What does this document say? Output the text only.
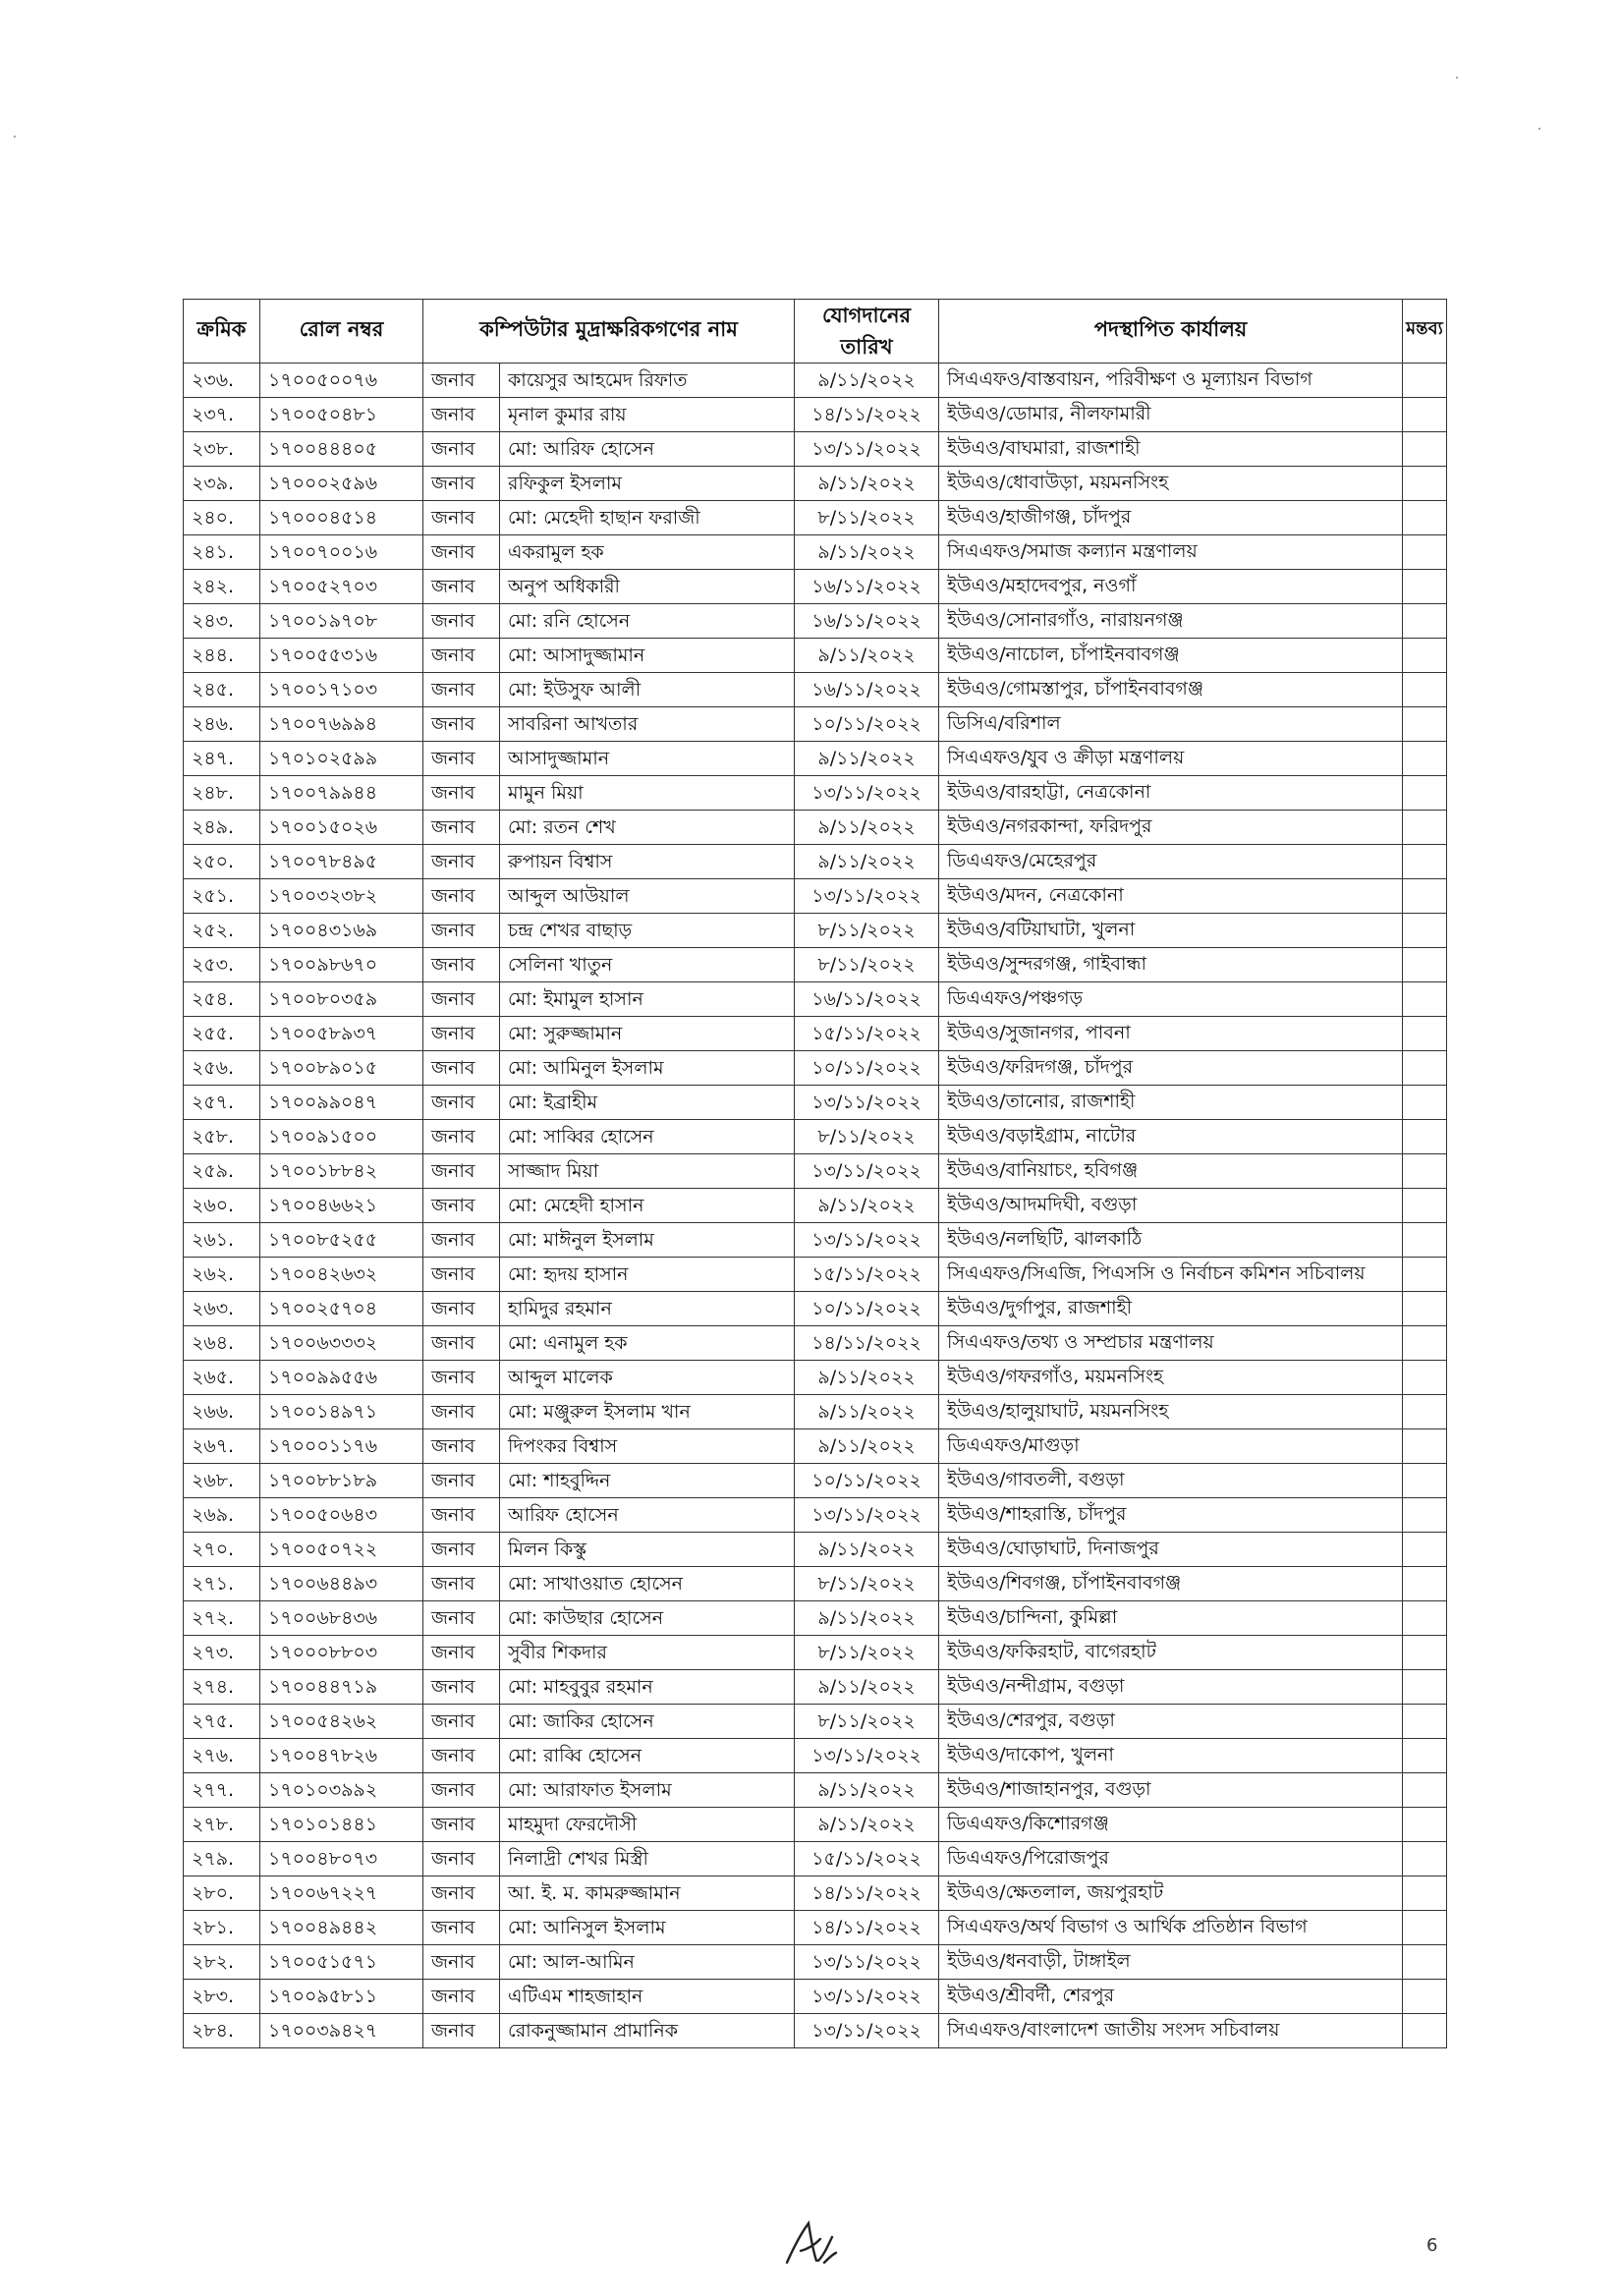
ক্রমিক	রোল নম্বর	কম্পিউটার মুদ্রাক্ষরিকগণের নাম		যোগদানের তারিখ	পদস্থাপিত কার্যালয়	মন্তব্য
২৩৬.	১৭০০৫০০৭৬	জনাব	কায়েসুর আহমেদ রিফাত	৯/১১/২০২২	সিএএফও/বাস্তবায়ন, পরিবীক্ষণ ও মূল্যায়ন বিভাগ	
২৩৭.	১৭০০৫০৪৮১	জনাব	মৃনাল কুমার রায়	১৪/১১/২০২২	ইউএও/ডোমার, নীলফামারী	
২৩৮.	১৭০০৪৪৪০৫	জনাব	মো: আরিফ হোসেন	১৩/১১/২০২২	ইউএও/বাঘমারা, রাজশাহী	
২৩৯.	১৭০০০২৫৯৬	জনাব	রফিকুল ইসলাম	৯/১১/২০২২	ইউএও/ধোবাউড়া, ময়মনসিংহ	
২৪০.	১৭০০০৪৫১৪	জনাব	মো: মেহেদী হাছান ফরাজী	৮/১১/২০২২	ইউএও/হাজীগঞ্জ, চাঁদপুর	
২৪১.	১৭০০৭০০১৬	জনাব	একরামুল হক	৯/১১/২০২২	সিএএফও/সমাজ কল্যান মন্ত্রণালয়	
২৪২.	১৭০০৫২৭০৩	জনাব	অনুপ অধিকারী	১৬/১১/২০২২	ইউএও/মহাদেবপুর, নওগাঁ	
২৪৩.	১৭০০১৯৭০৮	জনাব	মো: রনি হোসেন	১৬/১১/২০২২	ইউএও/সোনারগাঁও, নারায়নগঞ্জ	
২৪৪.	১৭০০৫৫৩১৬	জনাব	মো: আসাদুজ্জামান	৯/১১/২০২২	ইউএও/নাচোল, চাঁপাইনবাবগঞ্জ	
২৪৫.	১৭০০১৭১০৩	জনাব	মো: ইউসুফ আলী	১৬/১১/২০২২	ইউএও/গোমস্তাপুর, চাঁপাইনবাবগঞ্জ	
২৪৬.	১৭০০৭৬৯৯৪	জনাব	সাবরিনা আখতার	১০/১১/২০২২	ডিসিএ/বরিশাল	
২৪৭.	১৭০১০২৫৯৯	জনাব	আসাদুজ্জামান	৯/১১/২০২২	সিএএফও/যুব ও ক্রীড়া মন্ত্রণালয়	
২৪৮.	১৭০০৭৯৯৪৪	জনাব	মামুন মিয়া	১৩/১১/২০২২	ইউএও/বারহাট্টা, নেত্রকোনা	
২৪৯.	১৭০০১৫০২৬	জনাব	মো: রতন শেখ	৯/১১/২০২২	ইউএও/নগরকান্দা, ফরিদপুর	
২৫০.	১৭০০৭৮৪৯৫	জনাব	রুপায়ন বিশ্বাস	৯/১১/২০২২	ডিএএফও/মেহেরপুর	
২৫১.	১৭০০৩২৩৮২	জনাব	আব্দুল আউয়াল	১৩/১১/২০২২	ইউএও/মদন, নেত্রকোনা	
২৫২.	১৭০০৪৩১৬৯	জনাব	চন্দ্র শেখর বাছাড়	৮/১১/২০২২	ইউএও/বটিয়াঘাটা, খুলনা	
২৫৩.	১৭০০৯৮৬৭০	জনাব	সেলিনা খাতুন	৮/১১/২০২২	ইউএও/সুন্দরগঞ্জ, গাইবান্ধা	
২৫৪.	১৭০০৮০৩৫৯	জনাব	মো: ইমামুল হাসান	১৬/১১/২০২২	ডিএএফও/পঞ্চগড়	
২৫৫.	১৭০০৫৮৯৩৭	জনাব	মো: সুরুজ্জামান	১৫/১১/২০২২	ইউএও/সুজানগর, পাবনা	
২৫৬.	১৭০০৮৯০১৫	জনাব	মো: আমিনুল ইসলাম	১০/১১/২০২২	ইউএও/ফরিদগঞ্জ, চাঁদপুর	
২৫৭.	১৭০০৯৯০৪৭	জনাব	মো: ইব্রাহীম	১৩/১১/২০২২	ইউএও/তানোর, রাজশাহী	
২৫৮.	১৭০০৯১৫০০	জনাব	মো: সাব্বির হোসেন	৮/১১/২০২২	ইউএও/বড়াইগ্রাম, নাটোর	
২৫৯.	১৭০০১৮৮৪২	জনাব	সাজ্জাদ মিয়া	১৩/১১/২০২২	ইউএও/বানিয়াচং, হবিগঞ্জ	
২৬০.	১৭০০৪৬৬২১	জনাব	মো: মেহেদী হাসান	৯/১১/২০২২	ইউএও/আদমদিঘী, বগুড়া	
২৬১.	১৭০০৮৫২৫৫	জনাব	মো: মাঈনুল ইসলাম	১৩/১১/২০২২	ইউএও/নলছিটি, ঝালকাঠি	
২৬২.	১৭০০৪২৬৩২	জনাব	মো: হৃদয় হাসান	১৫/১১/২০২২	সিএএফও/সিএজি, পিএসসি ও নির্বাচন কমিশন সচিবালয়	
২৬৩.	১৭০০২৫৭০৪	জনাব	হামিদুর রহমান	১০/১১/২০২২	ইউএও/দুর্গাপুর, রাজশাহী	
২৬৪.	১৭০০৬৩৩৩২	জনাব	মো: এনামুল হক	১৪/১১/২০২২	সিএএফও/তথ্য ও সম্প্রচার মন্ত্রণালয়	
২৬৫.	১৭০০৯৯৫৫৬	জনাব	আব্দুল মালেক	৯/১১/২০২২	ইউএও/গফরগাঁও, ময়মনসিংহ	
২৬৬.	১৭০০১৪৯৭১	জনাব	মো: মঞ্জুরুল ইসলাম খান	৯/১১/২০২২	ইউএও/হালুয়াঘাট, ময়মনসিংহ	
২৬৭.	১৭০০০১১৭৬	জনাব	দিপংকর বিশ্বাস	৯/১১/২০২২	ডিএএফও/মাগুড়া	
২৬৮.	১৭০০৮৮১৮৯	জনাব	মো: শাহবুদ্দিন	১০/১১/২০২২	ইউএও/গাবতলী, বগুড়া	
২৬৯.	১৭০০৫০৬৪৩	জনাব	আরিফ হোসেন	১৩/১১/২০২২	ইউএও/শাহরাস্তি, চাঁদপুর	
২৭০.	১৭০০৫০৭২২	জনাব	মিলন কিস্কু	৯/১১/২০২২	ইউএও/ঘোড়াঘাট, দিনাজপুর	
২৭১.	১৭০০৬৪৪৯৩	জনাব	মো: সাখাওয়াত হোসেন	৮/১১/২০২২	ইউএও/শিবগঞ্জ, চাঁপাইনবাবগঞ্জ	
২৭২.	১৭০০৬৮৪৩৬	জনাব	মো: কাউছার হোসেন	৯/১১/২০২২	ইউএও/চান্দিনা, কুমিল্লা	
২৭৩.	১৭০০০৮৮০৩	জনাব	সুবীর শিকদার	৮/১১/২০২২	ইউএও/ফকিরহাট, বাগেরহাট	
২৭৪.	১৭০০৪৪৭১৯	জনাব	মো: মাহবুবুর রহমান	৯/১১/২০২২	ইউএও/নন্দীগ্রাম, বগুড়া	
২৭৫.	১৭০০৫৪২৬২	জনাব	মো: জাকির হোসেন	৮/১১/২০২২	ইউএও/শেরপুর, বগুড়া	
২৭৬.	১৭০০৪৭৮২৬	জনাব	মো: রাব্বি হোসেন	১৩/১১/২০২২	ইউএও/দাকোপ, খুলনা	
২৭৭.	১৭০১০৩৯৯২	জনাব	মো: আরাফাত ইসলাম	৯/১১/২০২২	ইউএও/শাজাহানপুর, বগুড়া	
২৭৮.	১৭০১০১৪৪১	জনাব	মাহমুদা ফেরদৌসী	৯/১১/২০২২	ডিএএফও/কিশোরগঞ্জ	
২৭৯.	১৭০০৪৮০৭৩	জনাব	নিলাদ্রী শেখর মিস্ত্রী	১৫/১১/২০২২	ডিএএফও/পিরোজপুর	
২৮০.	১৭০০৬৭২২৭	জনাব	আ. ই. ম. কামরুজ্জামান	১৪/১১/২০২২	ইউএও/ক্ষেতলাল, জয়পুরহাট	
২৮১.	১৭০০৪৯৪৪২	জনাব	মো: আনিসুল ইসলাম	১৪/১১/২০২২	সিএএফও/অর্থ বিভাগ ও আর্থিক প্রতিষ্ঠান বিভাগ	
২৮২.	১৭০০৫১৫৭১	জনাব	মো: আল-আমিন	১৩/১১/২০২২	ইউএও/ধনবাড়ী, টাঙ্গাইল	
২৮৩.	১৭০০৯৫৮১১	জনাব	এটিএম শাহজাহান	১৩/১১/২০২২	ইউএও/শ্রীবর্দী, শেরপুর	
২৮৪.	১৭০০৩৯৪২৭	জনাব	রোকনুজ্জামান প্রামানিক	১৩/১১/২০২২	সিএএফও/বাংলাদেশ জাতীয় সংসদ সচিবালয়	
6
